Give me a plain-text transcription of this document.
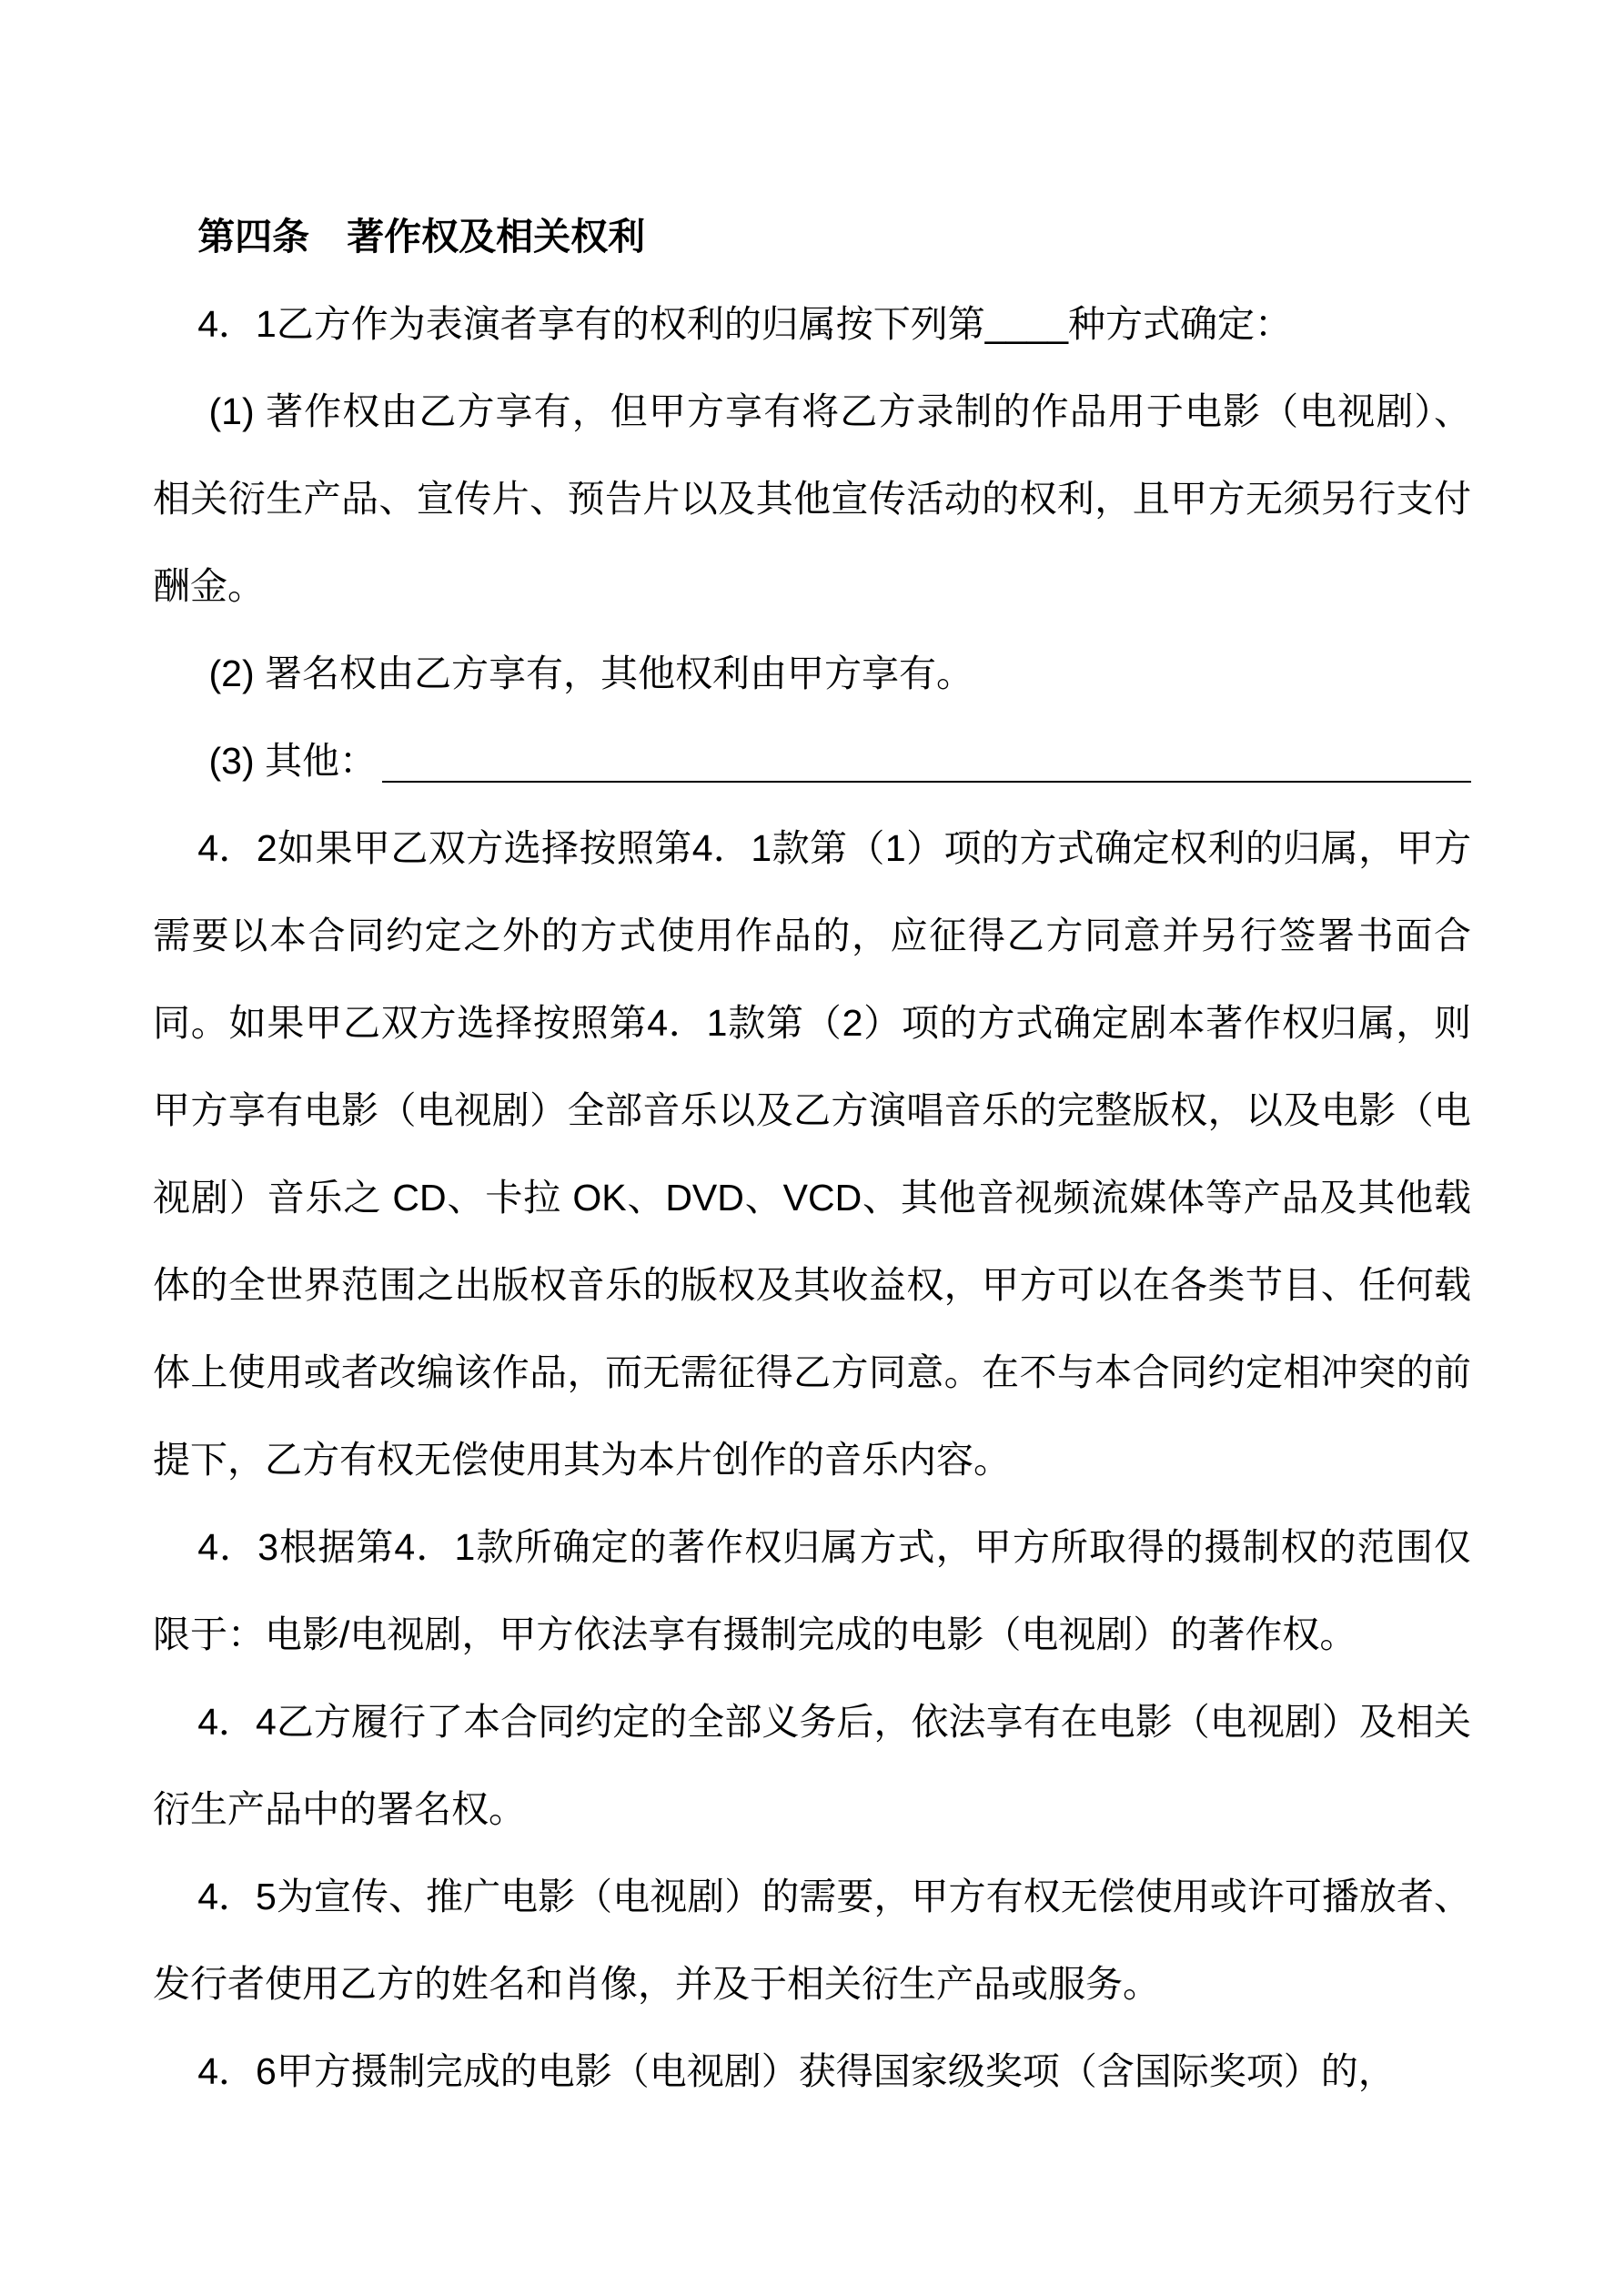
第四条　著作权及相关权利

4．1乙方作为表演者享有的权利的归属按下列第____种方式确定：

(1) 著作权由乙方享有，但甲方享有将乙方录制的作品用于电影（电视剧）、相关衍生产品、宣传片、预告片以及其他宣传活动的权利，且甲方无须另行支付酬金。

(2) 署名权由乙方享有，其他权利由甲方享有。

(3) 其他：

4．2如果甲乙双方选择按照第4．1款第（1）项的方式确定权利的归属，甲方需要以本合同约定之外的方式使用作品的，应征得乙方同意并另行签署书面合同。如果甲乙双方选择按照第4．1款第（2）项的方式确定剧本著作权归属，则甲方享有电影（电视剧）全部音乐以及乙方演唱音乐的完整版权，以及电影（电视剧）音乐之 CD、卡拉 OK、DVD、VCD、其他音视频流媒体等产品及其他载体的全世界范围之出版权音乐的版权及其收益权，甲方可以在各类节目、任何载体上使用或者改编该作品，而无需征得乙方同意。在不与本合同约定相冲突的前提下，乙方有权无偿使用其为本片创作的音乐内容。

4．3根据第4．1款所确定的著作权归属方式，甲方所取得的摄制权的范围仅限于：电影/电视剧，甲方依法享有摄制完成的电影（电视剧）的著作权。

4．4乙方履行了本合同约定的全部义务后，依法享有在电影（电视剧）及相关衍生产品中的署名权。

4．5为宣传、推广电影（电视剧）的需要，甲方有权无偿使用或许可播放者、发行者使用乙方的姓名和肖像，并及于相关衍生产品或服务。

4．6甲方摄制完成的电影（电视剧）获得国家级奖项（含国际奖项）的，
